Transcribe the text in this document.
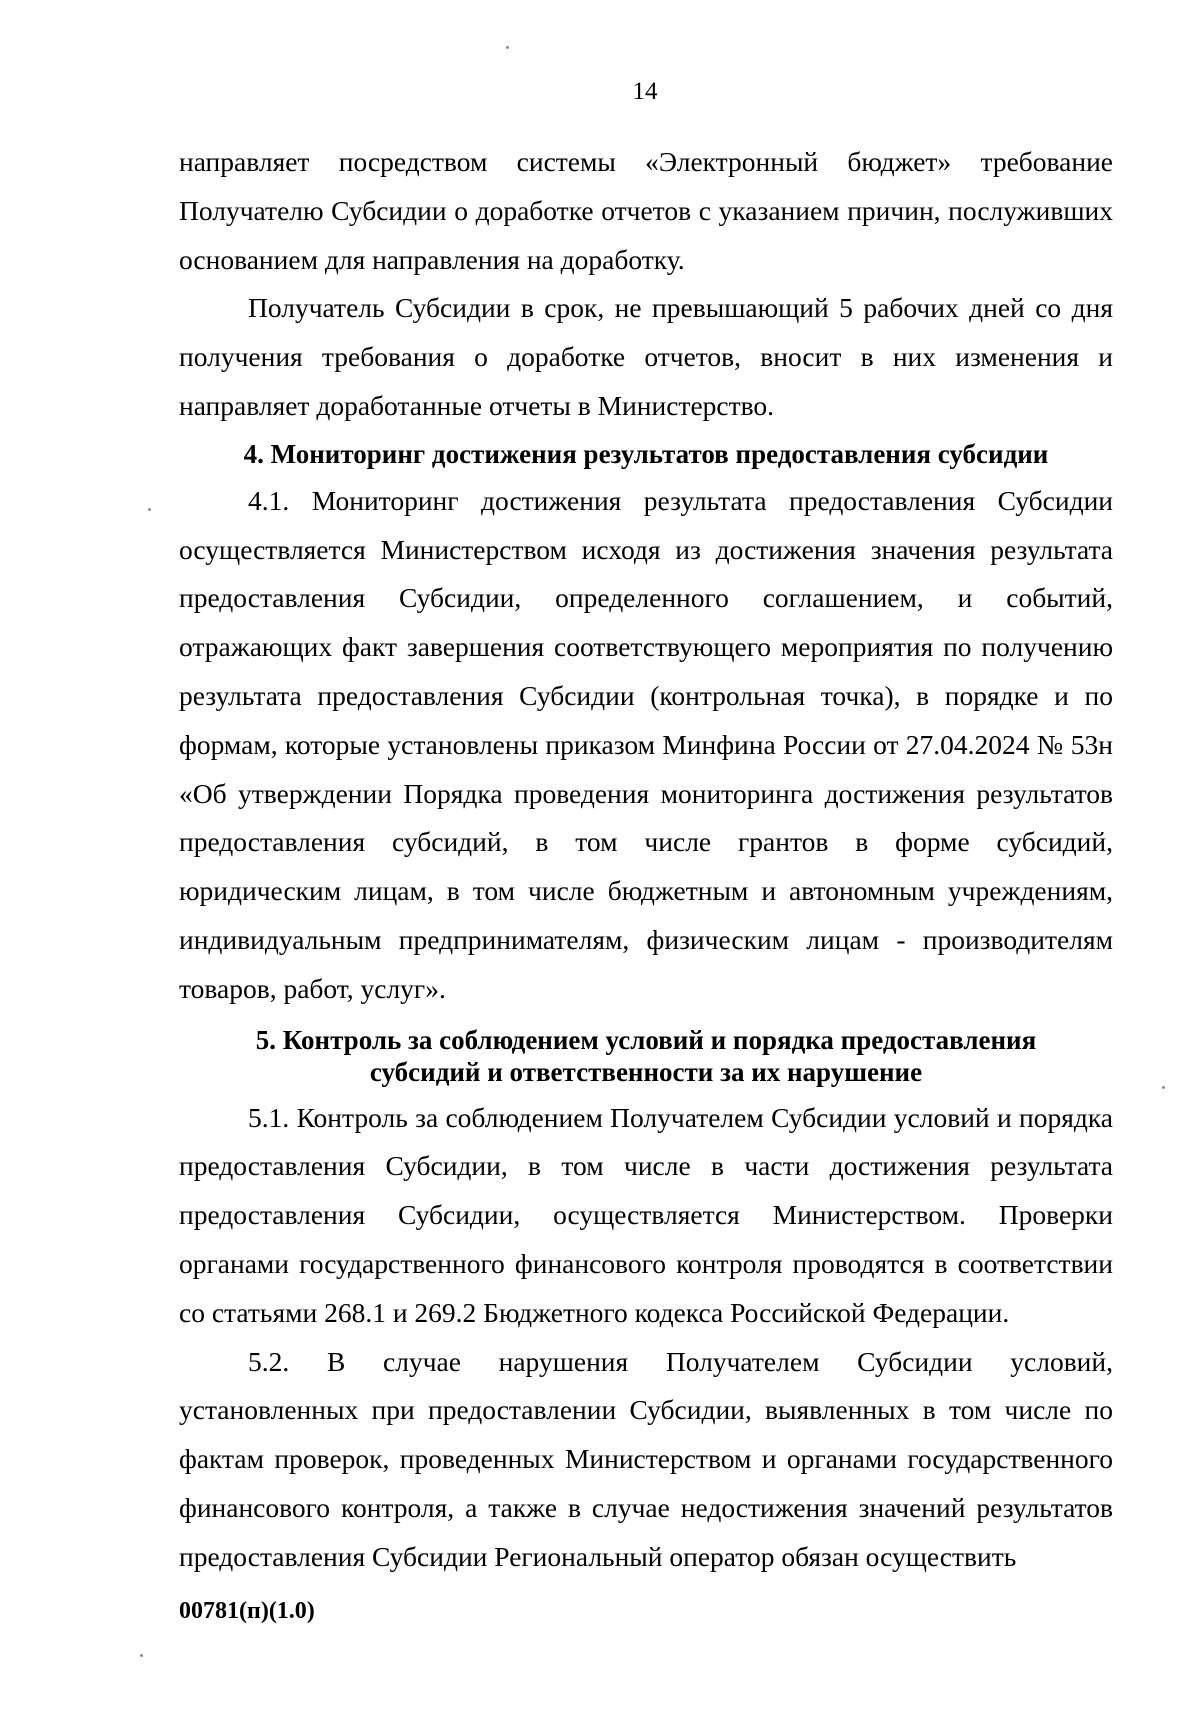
14

направляет посредством системы «Электронный бюджет» требование Получателю Субсидии о доработке отчетов с указанием причин, послуживших основанием для направления на доработку.

Получатель Субсидии в срок, не превышающий 5 рабочих дней со дня получения требования о доработке отчетов, вносит в них изменения и направляет доработанные отчеты в Министерство.

4. Мониторинг достижения результатов предоставления субсидии

4.1. Мониторинг достижения результата предоставления Субсидии осуществляется Министерством исходя из достижения значения результата предоставления Субсидии, определенного соглашением, и событий, отражающих факт завершения соответствующего мероприятия по получению результата предоставления Субсидии (контрольная точка), в порядке и по формам, которые установлены приказом Минфина России от 27.04.2024 № 53н «Об утверждении Порядка проведения мониторинга достижения результатов предоставления субсидий, в том числе грантов в форме субсидий, юридическим лицам, в том числе бюджетным и автономным учреждениям, индивидуальным предпринимателям, физическим лицам - производителям товаров, работ, услуг».

5. Контроль за соблюдением условий и порядка предоставления
субсидий и ответственности за их нарушение

5.1. Контроль за соблюдением Получателем Субсидии условий и порядка предоставления Субсидии, в том числе в части достижения результата предоставления Субсидии, осуществляется Министерством. Проверки органами государственного финансового контроля проводятся в соответствии со статьями 268.1 и 269.2 Бюджетного кодекса Российской Федерации.

5.2. В случае нарушения Получателем Субсидии условий, установленных при предоставлении Субсидии, выявленных в том числе по фактам проверок, проведенных Министерством и органами государственного финансового контроля, а также в случае недостижения значений результатов предоставления Субсидии Региональный оператор обязан осуществить

00781(п)(1.0)
